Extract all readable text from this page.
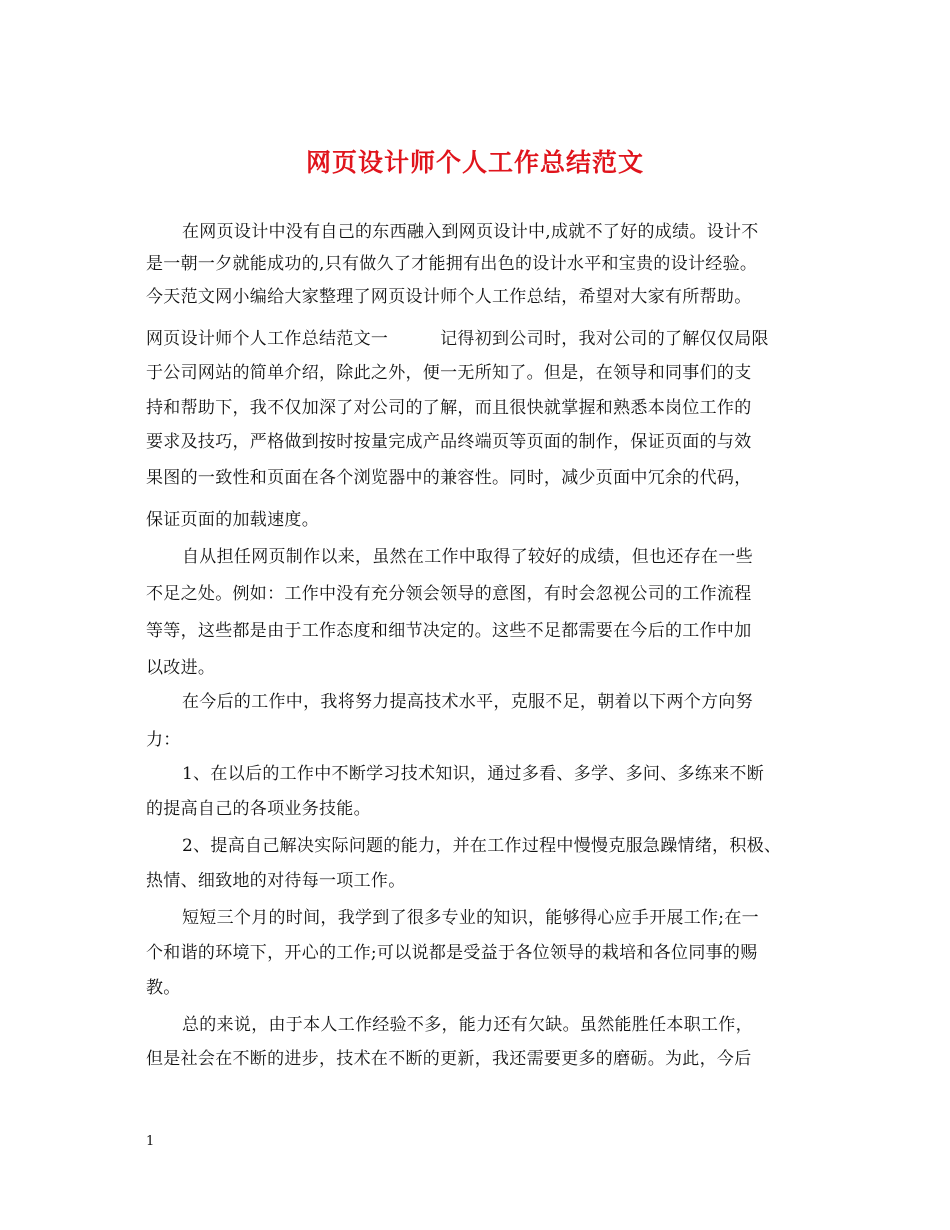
网页设计师个人工作总结范文
在网页设计中没有自己的东西融入到网页设计中,成就不了好的成绩。设计不
是一朝一夕就能成功的,只有做久了才能拥有出色的设计水平和宝贵的设计经验。
今天范文网小编给大家整理了网页设计师个人工作总结，希望对大家有所帮助。
网页设计师个人工作总结范文一　　　记得初到公司时，我对公司的了解仅仅局限
于公司网站的简单介绍，除此之外，便一无所知了。但是，在领导和同事们的支
持和帮助下，我不仅加深了对公司的了解，而且很快就掌握和熟悉本岗位工作的
要求及技巧，严格做到按时按量完成产品终端页等页面的制作，保证页面的与效
果图的一致性和页面在各个浏览器中的兼容性。同时，减少页面中冗余的代码，
保证页面的加载速度。
自从担任网页制作以来，虽然在工作中取得了较好的成绩，但也还存在一些
不足之处。例如：工作中没有充分领会领导的意图，有时会忽视公司的工作流程
等等，这些都是由于工作态度和细节决定的。这些不足都需要在今后的工作中加
以改进。
在今后的工作中，我将努力提高技术水平，克服不足，朝着以下两个方向努
力：
1、在以后的工作中不断学习技术知识，通过多看、多学、多问、多练来不断
的提高自己的各项业务技能。
2、提高自己解决实际问题的能力，并在工作过程中慢慢克服急躁情绪，积极、
热情、细致地的对待每一项工作。
短短三个月的时间，我学到了很多专业的知识，能够得心应手开展工作;在一
个和谐的环境下，开心的工作;可以说都是受益于各位领导的栽培和各位同事的赐
教。
总的来说，由于本人工作经验不多，能力还有欠缺。虽然能胜任本职工作，
但是社会在不断的进步，技术在不断的更新，我还需要更多的磨砺。为此，今后
1
